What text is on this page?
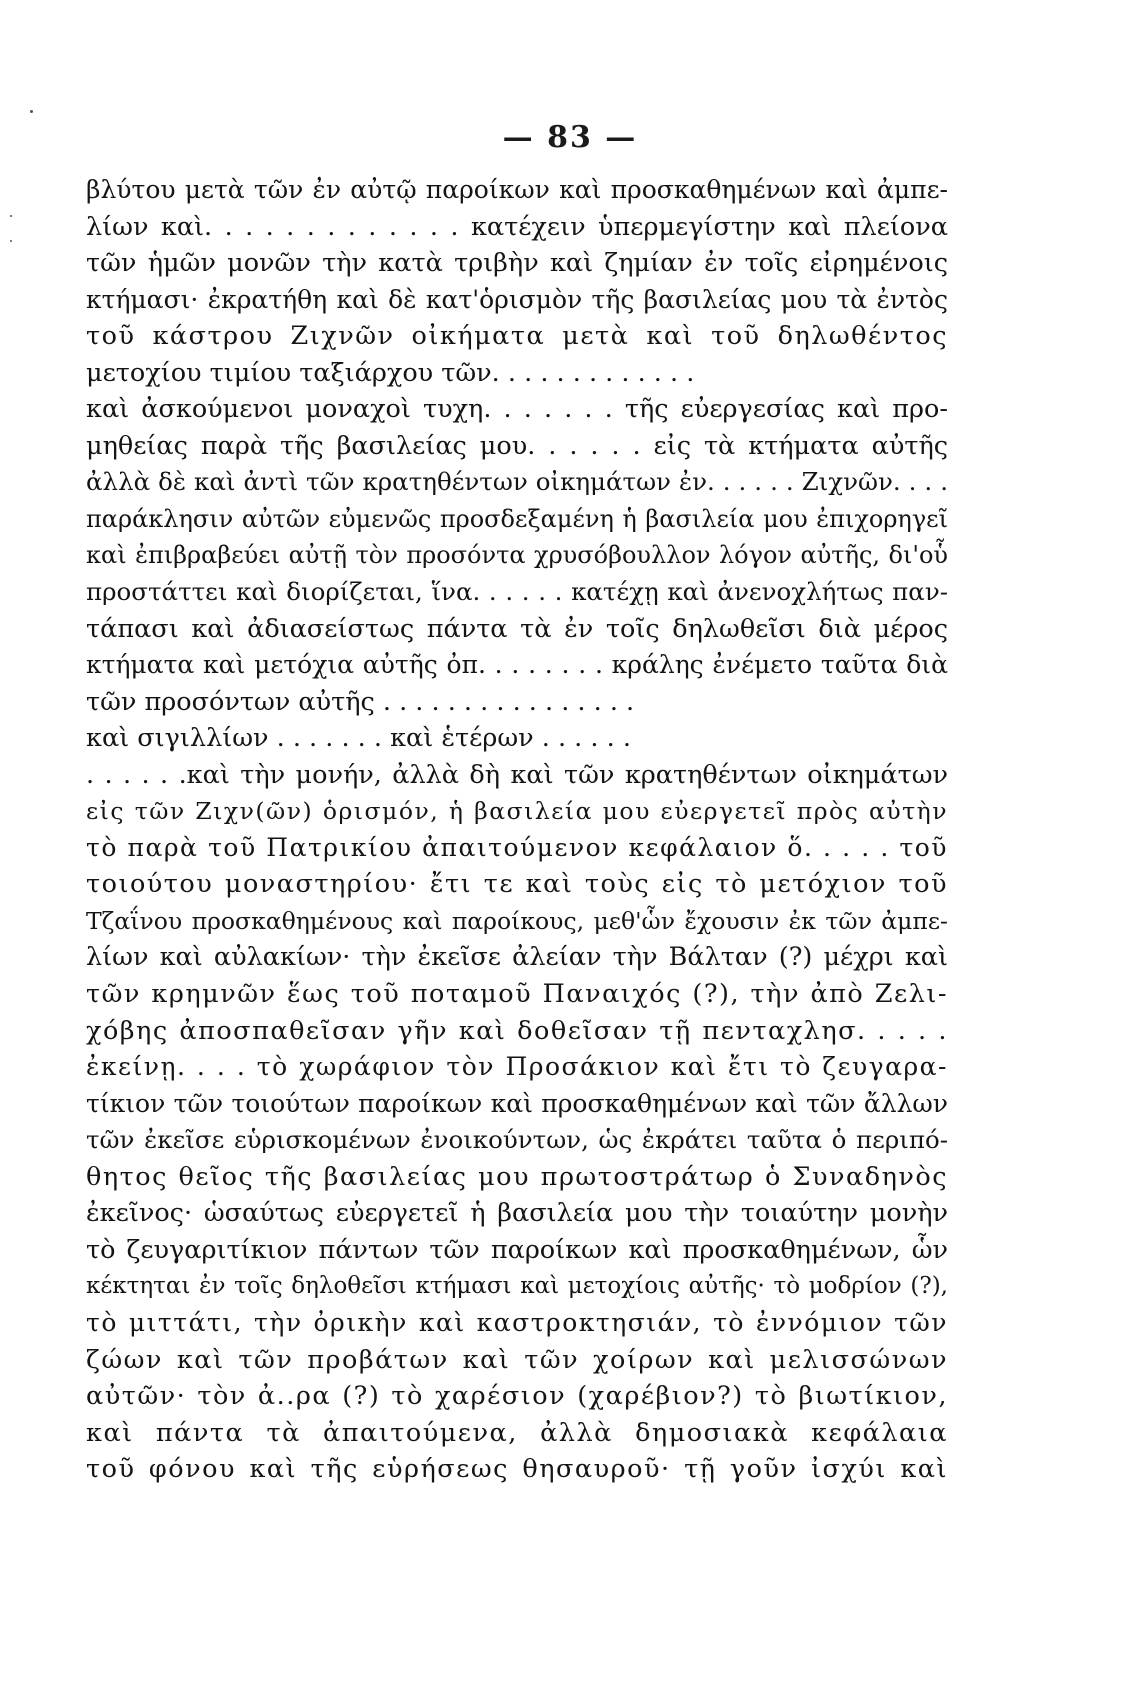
— 83 —
βλύτου μετὰ τῶν ἐν αὐτῷ παροίκων καὶ προσκαθημένων καὶ ἀμπε-
λίων καὶ. . . . . . . . . . . . . κατέχειν ὑπερμεγίστην καὶ πλείονα
τῶν ἡμῶν μονῶν τὴν κατὰ τριβὴν καὶ ζημίαν ἐν τοῖς εἰρημένοις
κτήμασι· ἐκρατήθη καὶ δὲ κατ'ὁρισμὸν τῆς βασιλείας μου τὰ ἐντὸς
τοῦ κάστρου Ζιχνῶν οἰκήματα μετὰ καὶ τοῦ δηλωθέντος
μετοχίου τιμίου ταξιάρχου τῶν. . . . . . . . . . . . .
καὶ ἀσκούμενοι μοναχοὶ τυχη. . . . . . . τῆς εὐεργεσίας καὶ προ-
μηθείας παρὰ τῆς βασιλείας μου. . . . . . εἰς τὰ κτήματα αὐτῆς
ἀλλὰ δὲ καὶ ἀντὶ τῶν κρατηθέντων οἰκημάτων ἐν. . . . . . Ζιχνῶν. . . .
παράκλησιν αὐτῶν εὐμενῶς προσδεξαμένη ἡ βασιλεία μου ἐπιχορηγεῖ
καὶ ἐπιβραβεύει αὐτῇ τὸν προσόντα χρυσόβουλλον λόγον αὐτῆς, δι'οὗ
προστάττει καὶ διορίζεται, ἵνα. . . . . . κατέχῃ καὶ ἀνενοχλήτως παν-
τάπασι καὶ ἀδιασείστως πάντα τὰ ἐν τοῖς δηλωθεῖσι διὰ μέρος
κτήματα καὶ μετόχια αὐτῆς ὀπ. . . . . . . . κράλης ἐνέμετο ταῦτα διὰ
τῶν προσόντων αὐτῆς . . . . . . . . . . . . . . . .
καὶ σιγιλλίων . . . . . . . καὶ ἑτέρων . . . . . .
. . . . . .καὶ τὴν μονήν, ἀλλὰ δὴ καὶ τῶν κρατηθέντων οἰκημάτων
εἰς τῶν Ζιχν(ῶν) ὁρισμόν, ἡ βασιλεία μου εὐεργετεῖ πρὸς αὐτὴν
τὸ παρὰ τοῦ Πατρικίου ἀπαιτούμενον κεφάλαιον ὅ. . . . . τοῦ
τοιούτου μοναστηρίου· ἔτι τε καὶ τοὺς εἰς τὸ μετόχιον τοῦ
Τζαΐνου προσκαθημένους καὶ παροίκους, μεθ'ὧν ἔχουσιν ἐκ τῶν ἀμπε-
λίων καὶ αὐλακίων· τὴν ἐκεῖσε ἀλείαν τὴν Βάλταν (?) μέχρι καὶ
τῶν κρημνῶν ἕως τοῦ ποταμοῦ Παναιχός (?), τὴν ἀπὸ Ζελι-
χόβης ἀποσπαθεῖσαν γῆν καὶ δοθεῖσαν τῇ πενταχλησ. . . . .
ἐκείνῃ. . . . τὸ χωράφιον τὸν Προσάκιον καὶ ἔτι τὸ ζευγαρα-
τίκιον τῶν τοιούτων παροίκων καὶ προσκαθημένων καὶ τῶν ἄλλων
τῶν ἐκεῖσε εὑρισκομένων ἐνοικούντων, ὡς ἐκράτει ταῦτα ὁ περιπό-
θητος θεῖος τῆς βασιλείας μου πρωτοστράτωρ ὁ Συναδηνὸς
ἐκεῖνος· ὡσαύτως εὐεργετεῖ ἡ βασιλεία μου τὴν τοιαύτην μονὴν
τὸ ζευγαριτίκιον πάντων τῶν παροίκων καὶ προσκαθημένων, ὧν
κέκτηται ἐν τοῖς δηλοθεῖσι κτήμασι καὶ μετοχίοις αὐτῆς· τὸ μοδρίον (?),
τὸ μιττάτι, τὴν ὀρικὴν καὶ καστροκτησιάν, τὸ ἐννόμιον τῶν
ζώων καὶ τῶν προβάτων καὶ τῶν χοίρων καὶ μελισσώνων
αὐτῶν· τὸν ἀ..ρα (?) τὸ χαρέσιον (χαρέβιον?) τὸ βιωτίκιον,
καὶ πάντα τὰ ἀπαιτούμενα, ἀλλὰ δημοσιακὰ κεφάλαια
τοῦ φόνου καὶ τῆς εὑρήσεως θησαυροῦ· τῇ γοῦν ἰσχύι καὶ
